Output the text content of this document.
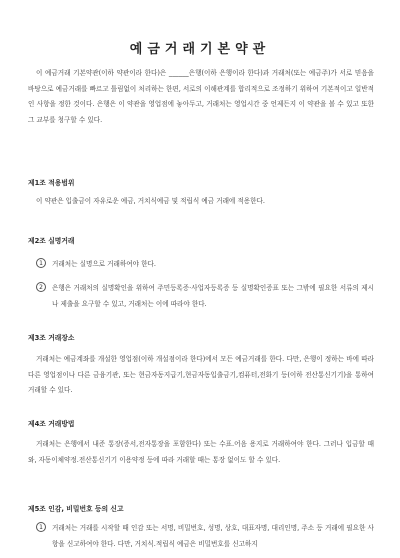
예금거래기본약관
이 예금거래 기본약관(이하 약관이라 한다)은 ______은행(이하 은행이라 한다)과 거래처(또는 예금주)가 서로 믿음을 바탕으로 예금거래를 빠르고 틀림없이 처리하는 한편, 서로의 이해관계를 합리적으로 조정하기 위하여 기본적이고 일반적인 사항을 정한 것이다. 은행은 이 약관을 영업점에 놓아두고, 거래처는 영업시간 중 언제든지 이 약관을 볼 수 있고 또한 그 교부를 청구할 수 있다.
제1조 적용범위
이 약관은 입출금이 자유로운 예금, 거치식예금 및 적립식 예금 거래에 적용한다.
제2조 실명거래
1	거래처는 실명으로 거래하여야 한다.
2	은행은 거래처의 실명확인을 위하여 주민등록증·사업자등록증 등 실명확인증표 또는 그밖에 필요한 서류의 제시나 제출을 요구할 수 있고, 거래처는 이에 따라야 한다.
제3조 거래장소
거래처는 예금계좌를 개설한 영업점(이하 개설점이라 한다)에서 모든 예금거래를 한다. 다만, 은행이 정하는 바에 따라 다른 영업점이나 다른 금융기관, 또는 현금자동지급기,현금자동입출금기,컴퓨터,전화기 등(이하 전산통신기기)을 통하여 거래할 수 있다.
제4조 거래방법
거래처는 은행에서 내준 통장(증서,전자통장을 포함한다) 또는 수표.어음 용지로 거래하여야 한다. 그러나 입금할 때와, 자동이체약정.전산통신기기 이용약정 등에 따라 거래할 때는 통장 없이도 할 수 있다.
제5조 인감, 비밀번호 등의 신고
1	거래처는 거래를 시작할 때 인감 또는 서명, 비밀번호, 성명, 상호, 대표자명, 대리인명, 주소 등 거래에 필요한 사항을 신고하여야 한다. 다만, 거치식.적립식 예금은 비밀번호를 신고하지
